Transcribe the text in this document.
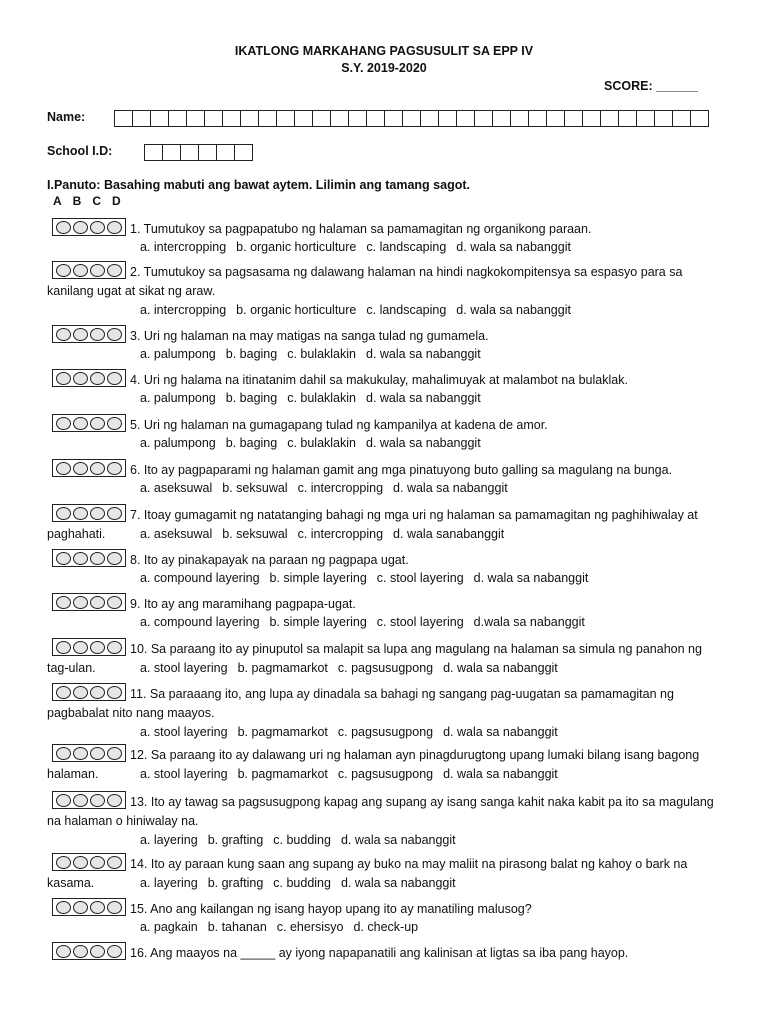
IKATLONG MARKAHANG PAGSUSULIT SA EPP IV
S.Y. 2019-2020
SCORE: ______
Name:
School I.D:
I.Panuto: Basahing mabuti ang bawat aytem. Lilimin ang tamang sagot.
A B C D
1. Tumutukoy sa pagpapatubo ng halaman sa pamamagitan ng organikong paraan.
a. intercropping b. organic horticulture c. landscaping d. wala sa nabanggit
2. Tumutukoy sa pagsasama ng dalawang halaman na hindi nagkokompitensya sa espasyo para sa
kanilang ugat at sikat ng araw.
a. intercropping b. organic horticulture c. landscaping d. wala sa nabanggit
3. Uri ng halaman na may matigas na sanga tulad ng gumamela.
a. palumpong b. baging c. bulaklakin d. wala sa nabanggit
4. Uri ng halama na itinatanim dahil sa makukulay, mahalimuyak at malambot na bulaklak.
a. palumpong b. baging c. bulaklakin d. wala sa nabanggit
5. Uri ng halaman na gumagapang tulad ng kampanilya at kadena de amor.
a. palumpong b. baging c. bulaklakin d. wala sa nabanggit
6. Ito ay pagpaparami ng halaman gamit ang mga pinatuyong buto galling sa magulang na bunga.
a. aseksuwal b. seksuwal c. intercropping d. wala sa nabanggit
7. Itoay gumagamit ng natatanging bahagi ng mga uri ng halaman sa pamamagitan ng paghihiwalay at
paghahati.	a. aseksuwal b. seksuwal c. intercropping d. wala sanabanggit
8. Ito ay pinakapayak na paraan ng pagpapa ugat.
a. compound layering b. simple layering c. stool layering d. wala sa nabanggit
9. Ito ay ang maramihang pagpapa-ugat.
a. compound layering b. simple layering c. stool layering d.wala sa nabanggit
10. Sa paraang ito ay pinuputol sa malapit sa lupa ang magulang na halaman sa simula ng panahon ng
tag-ulan.	a. stool layering b. pagmamarkot c. pagsusugpong d. wala sa nabanggit
11. Sa paraaang ito, ang lupa ay dinadala sa bahagi ng sangang pag-uugatan sa pamamagitan ng
pagbabalat nito nang maayos.
a. stool layering b. pagmamarkot c. pagsusugpong d. wala sa nabanggit
12. Sa paraang ito ay dalawang uri ng halaman ayn pinagdurugtong upang lumaki bilang isang bagong
halaman.	a. stool layering b. pagmamarkot c. pagsusugpong d. wala sa nabanggit
13. Ito ay tawag sa pagsusugpong kapag ang supang ay isang sanga kahit naka kabit pa ito sa magulang
na halaman o hiniwalay na.
a. layering b. grafting c. budding d. wala sa nabanggit
14. Ito ay paraan kung saan ang supang ay buko na may maliit na pirasong balat ng kahoy o bark na
kasama.	a. layering b. grafting c. budding d. wala sa nabanggit
15. Ano ang kailangan ng isang hayop upang ito ay manatiling malusog?
a. pagkain b. tahanan c. ehersisyo d. check-up
16. Ang maayos na _____ ay iyong napapanatili ang kalinisan at ligtas sa iba pang hayop.
